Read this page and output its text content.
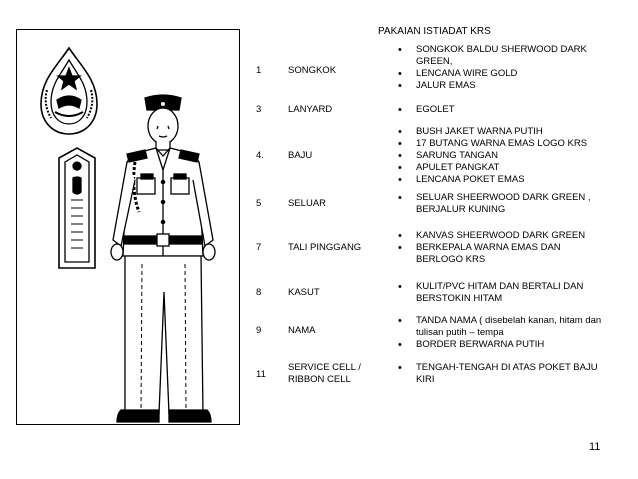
PAKAIAN ISTIADAT KRS
1	SONGKOK
• SONGKOK BALDU SHERWOOD DARK GREEN,
• LENCANA WIRE GOLD
• JALUR EMAS
3	LANYARD
•	EGOLET
4.	BAJU
• BUSH JAKET WARNA PUTIH
• 17 BUTANG WARNA EMAS LOGO KRS
• SARUNG TANGAN
• APULET PANGKAT
• LENCANA POKET EMAS
5	SELUAR
• SELUAR SHEERWOOD DARK GREEN , BERJALUR KUNING
7	TALI PINGGANG
• KANVAS SHEERWOOD DARK GREEN
• BERKEPALA WARNA EMAS DAN BERLOGO KRS
8	KASUT
• KULIT/PVC HITAM DAN BERTALI DAN BERSTOKIN HITAM
9	NAMA
• TANDA NAMA ( disebelah kanan, hitam dan tulisan putih – tempa
• BORDER BERWARNA PUTIH
11
SERVICE CELL / RIBBON CELL
• TENGAH-TENGAH DI ATAS POKET BAJU KIRI
11
